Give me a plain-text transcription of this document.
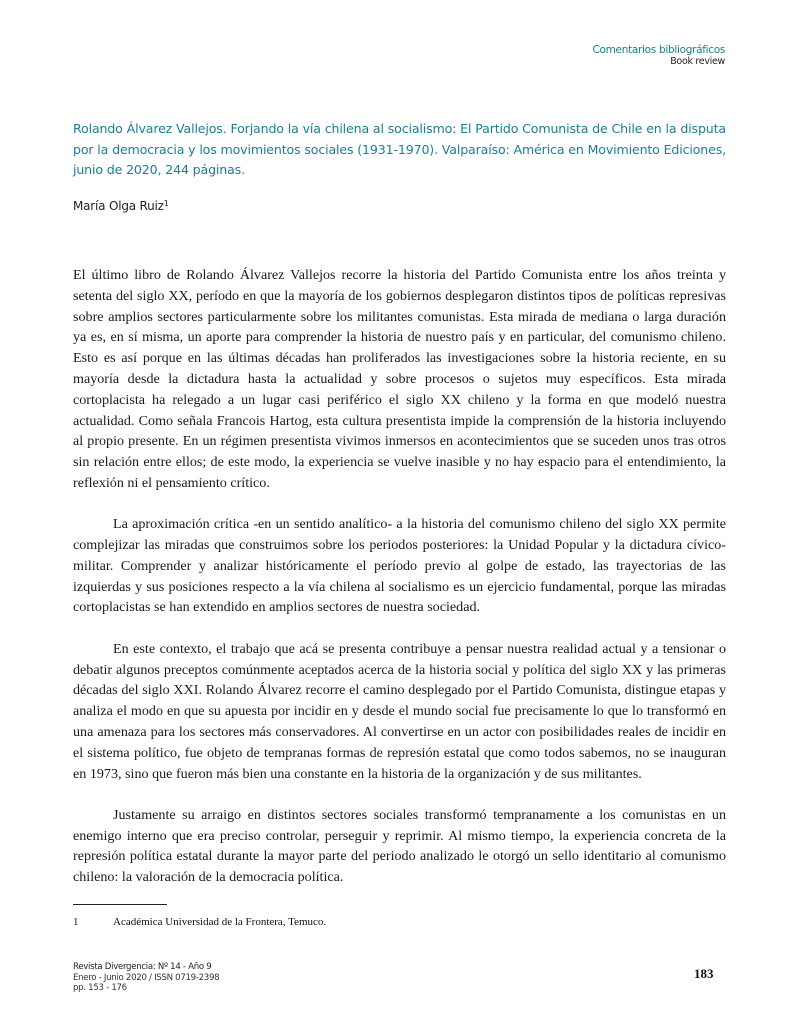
Comentarios bibliográficos
Book review
Rolando Álvarez Vallejos. Forjando la vía chilena al socialismo: El Partido Comunista de Chile en la disputa por la democracia y los movimientos sociales (1931-1970). Valparaíso: América en Movimiento Ediciones, junio de 2020, 244 páginas.
María Olga Ruiz$^1$

El último libro de Rolando Álvarez Vallejos recorre la historia del Partido Comunista entre los años treinta y setenta del siglo XX, período en que la mayoría de los gobiernos desplegaron distintos tipos de políticas represivas sobre amplios sectores particularmente sobre los militantes comunistas. Esta mirada de mediana o larga duración ya es, en sí misma, un aporte para comprender la historia de nuestro país y en particular, del comunismo chileno. Esto es así porque en las últimas décadas han proliferados las investigaciones sobre la historia reciente, en su mayoría desde la dictadura hasta la actualidad y sobre procesos o sujetos muy específicos. Esta mirada cortoplacista ha relegado a un lugar casi periférico el siglo XX chileno y la forma en que modeló nuestra actualidad. Como señala Francois Hartog, esta cultura presentista impide la comprensión de la historia incluyendo al propio presente. En un régimen presentista vivimos inmersos en acontecimientos que se suceden unos tras otros sin relación entre ellos; de este modo, la experiencia se vuelve inasible y no hay espacio para el entendimiento, la reflexión ni el pensamiento crítico.

La aproximación crítica -en un sentido analítico- a la historia del comunismo chileno del siglo XX permite complejizar las miradas que construimos sobre los periodos posteriores: la Unidad Popular y la dictadura cívico-militar. Comprender y analizar históricamente el período previo al golpe de estado, las trayectorias de las izquierdas y sus posiciones respecto a la vía chilena al socialismo es un ejercicio fundamental, porque las miradas cortoplacistas se han extendido en amplios sectores de nuestra sociedad.

En este contexto, el trabajo que acá se presenta contribuye a pensar nuestra realidad actual y a tensionar o debatir algunos preceptos comúnmente aceptados acerca de la historia social y política del siglo XX y las primeras décadas del siglo XXI. Rolando Álvarez recorre el camino desplegado por el Partido Comunista, distingue etapas y analiza el modo en que su apuesta por incidir en y desde el mundo social fue precisamente lo que lo transformó en una amenaza para los sectores más conservadores. Al convertirse en un actor con posibilidades reales de incidir en el sistema político, fue objeto de tempranas formas de represión estatal que como todos sabemos, no se inauguran en 1973, sino que fueron más bien una constante en la historia de la organización y de sus militantes.

Justamente su arraigo en distintos sectores sociales transformó tempranamente a los comunistas en un enemigo interno que era preciso controlar, perseguir y reprimir. Al mismo tiempo, la experiencia concreta de la represión política estatal durante la mayor parte del periodo analizado le otorgó un sello identitario al comunismo chileno: la valoración de la democracia política.

1	Académica Universidad de la Frontera, Temuco.
Revista Divergencia: Nº 14 - Año 9
Enero - Junio 2020 / ISSN 0719-2398
pp. 153 - 176
183
